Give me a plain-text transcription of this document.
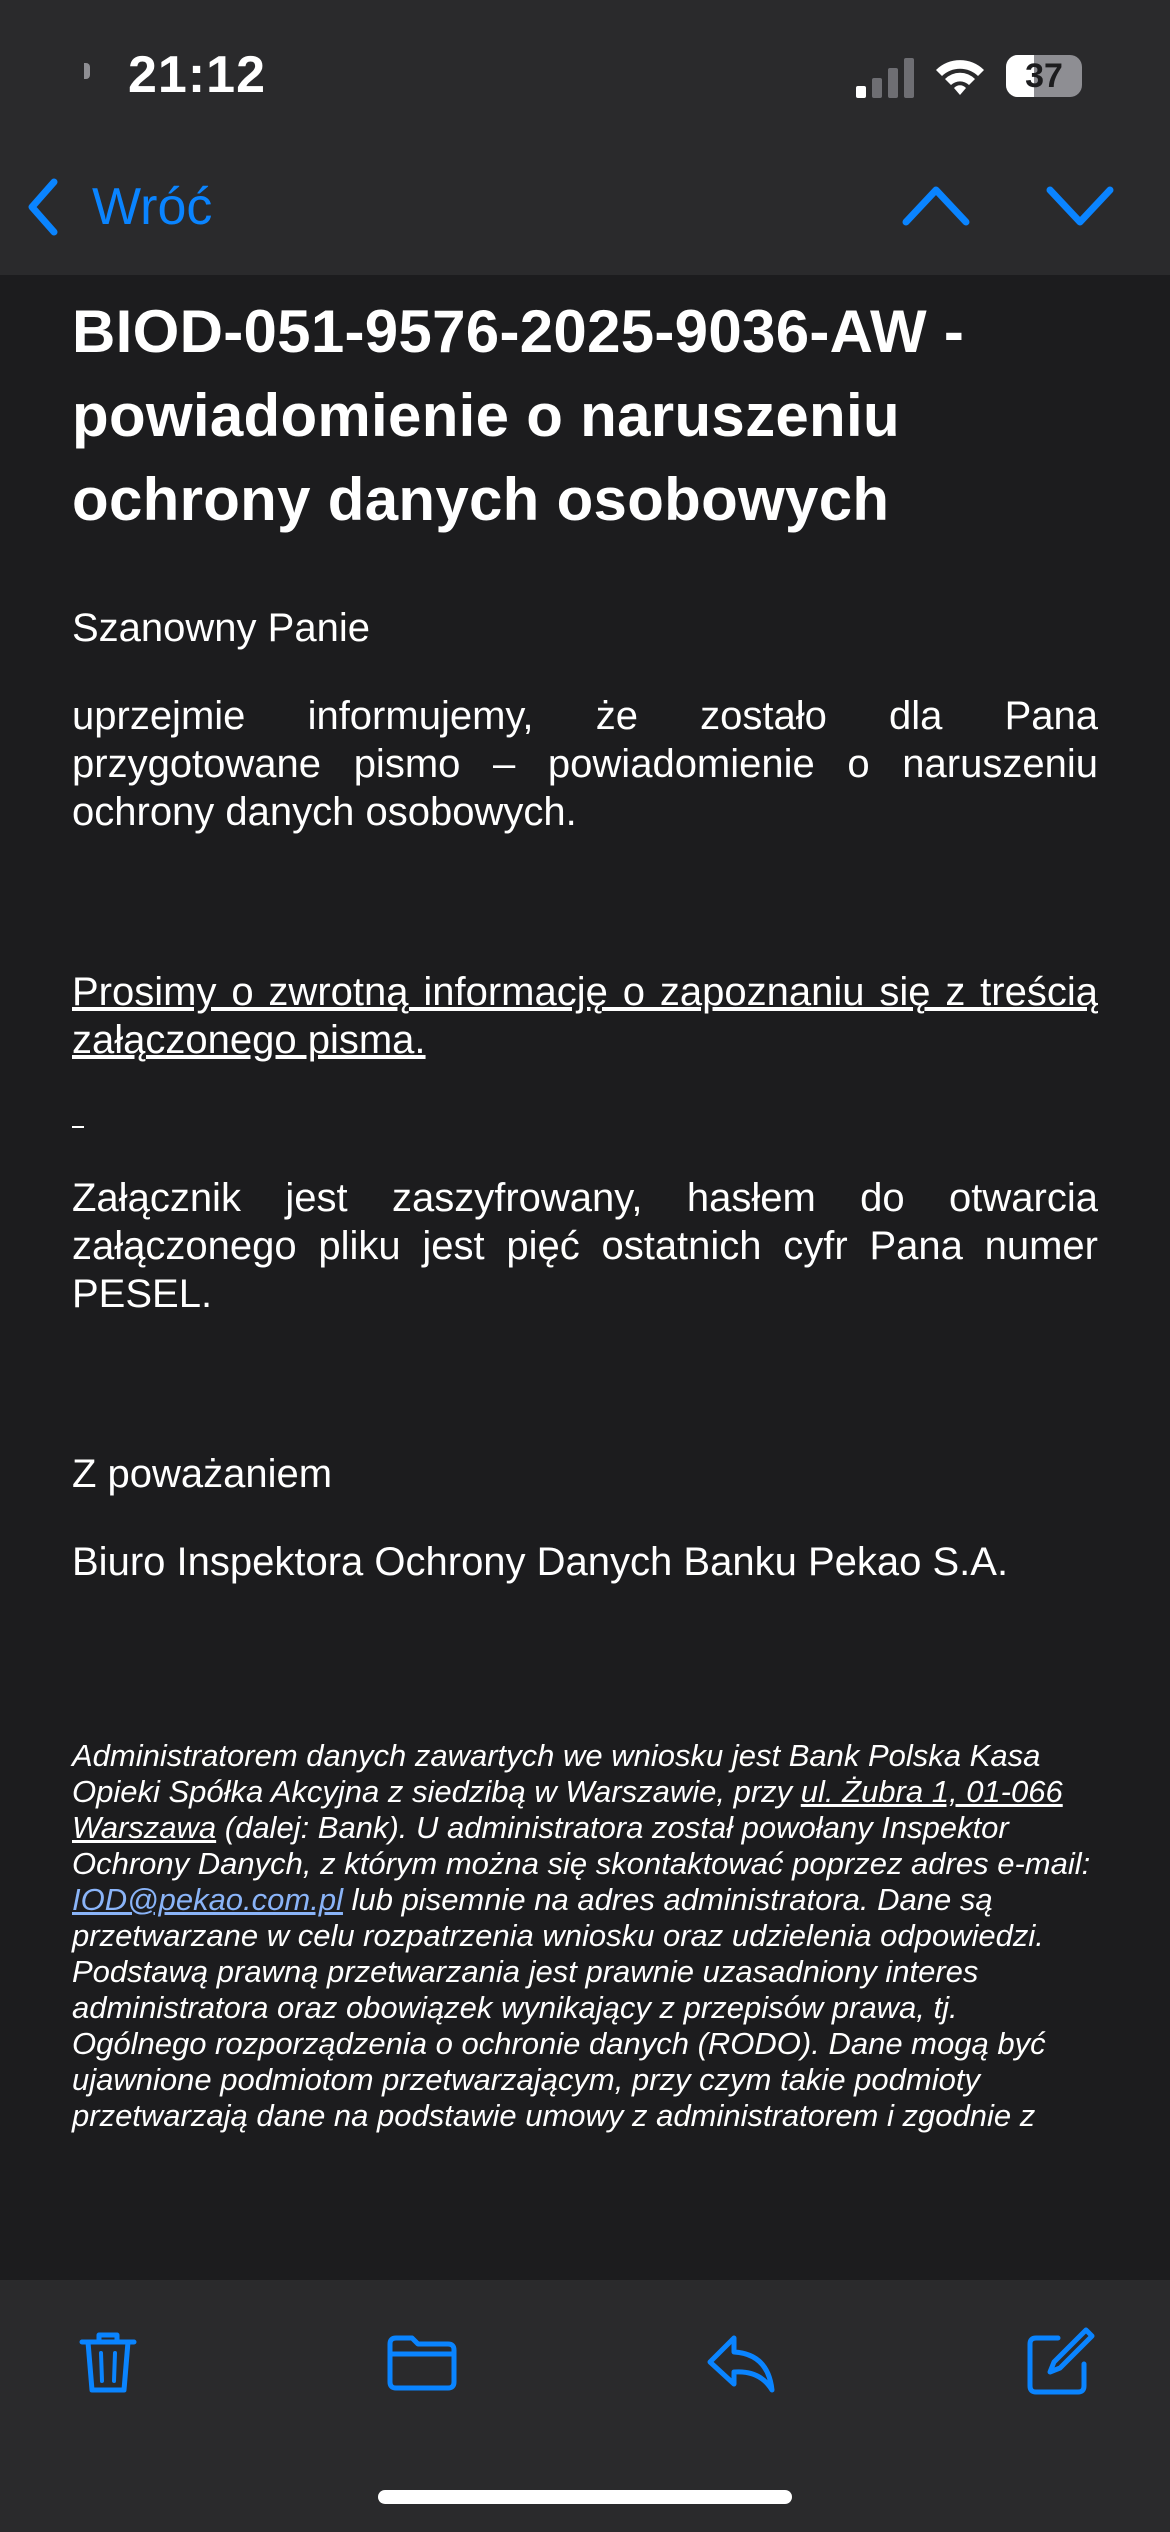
21:12	37
Wróć
BIOD-051-9576-2025-9036-AW - powiadomienie o naruszeniu ochrony danych osobowych
Szanowny Panie
uprzejmie informujemy, że zostało dla Pana przygotowane pismo – powiadomienie o naruszeniu ochrony danych osobowych.
Prosimy o zwrotną informację o zapoznaniu się z treścią załączonego pisma.
Załącznik jest zaszyfrowany, hasłem do otwarcia załączonego pliku jest pięć ostatnich cyfr Pana numer PESEL.
Z poważaniem
Biuro Inspektora Ochrony Danych Banku Pekao S.A.
Administratorem danych zawartych we wniosku jest Bank Polska Kasa Opieki Spółka Akcyjna z siedzibą w Warszawie, przy ul. Żubra 1, 01-066 Warszawa (dalej: Bank). U administratora został powołany Inspektor Ochrony Danych, z którym można się skontaktować poprzez adres e-mail: IOD@pekao.com.pl lub pisemnie na adres administratora. Dane są przetwarzane w celu rozpatrzenia wniosku oraz udzielenia odpowiedzi. Podstawą prawną przetwarzania jest prawnie uzasadniony interes administratora oraz obowiązek wynikający z przepisów prawa, tj. Ogólnego rozporządzenia o ochronie danych (RODO). Dane mogą być ujawnione podmiotom przetwarzającym, przy czym takie podmioty przetwarzają dane na podstawie umowy z administratorem i zgodnie z
